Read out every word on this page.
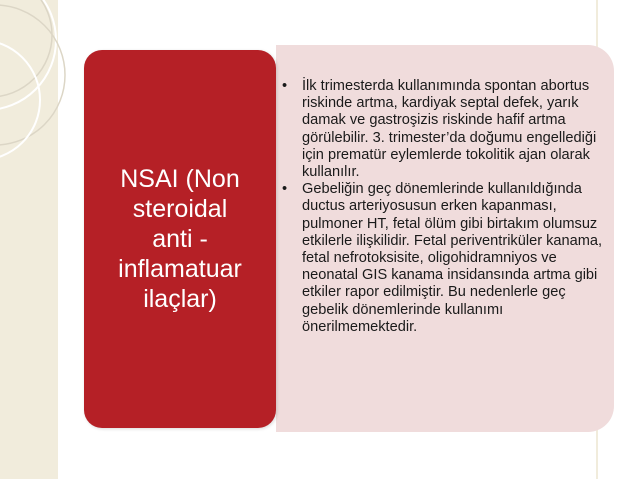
NSAI (Non
steroidal
anti -
inflamatuar
ilaçlar)
• İlk trimesterda kullanımında spontan abortus riskinde artma, kardiyak septal defek, yarık damak ve gastroşizis riskinde hafif artma görülebilir. 3. trimester’da doğumu engellediği için prematür eylemlerde tokolitik ajan olarak kullanılır.
• Gebeliğin geç dönemlerinde kullanıldığında ductus arteriyosusun erken kapanması, pulmoner HT, fetal ölüm gibi birtakım olumsuz etkilerle ilişkilidir. Fetal periventriküler kanama, fetal nefrotoksisite, oligohidramniyos ve neonatal GIS kanama insidansında artma gibi etkiler rapor edilmiştir. Bu nedenlerle geç gebelik dönemlerinde kullanımı önerilmemektedir.
